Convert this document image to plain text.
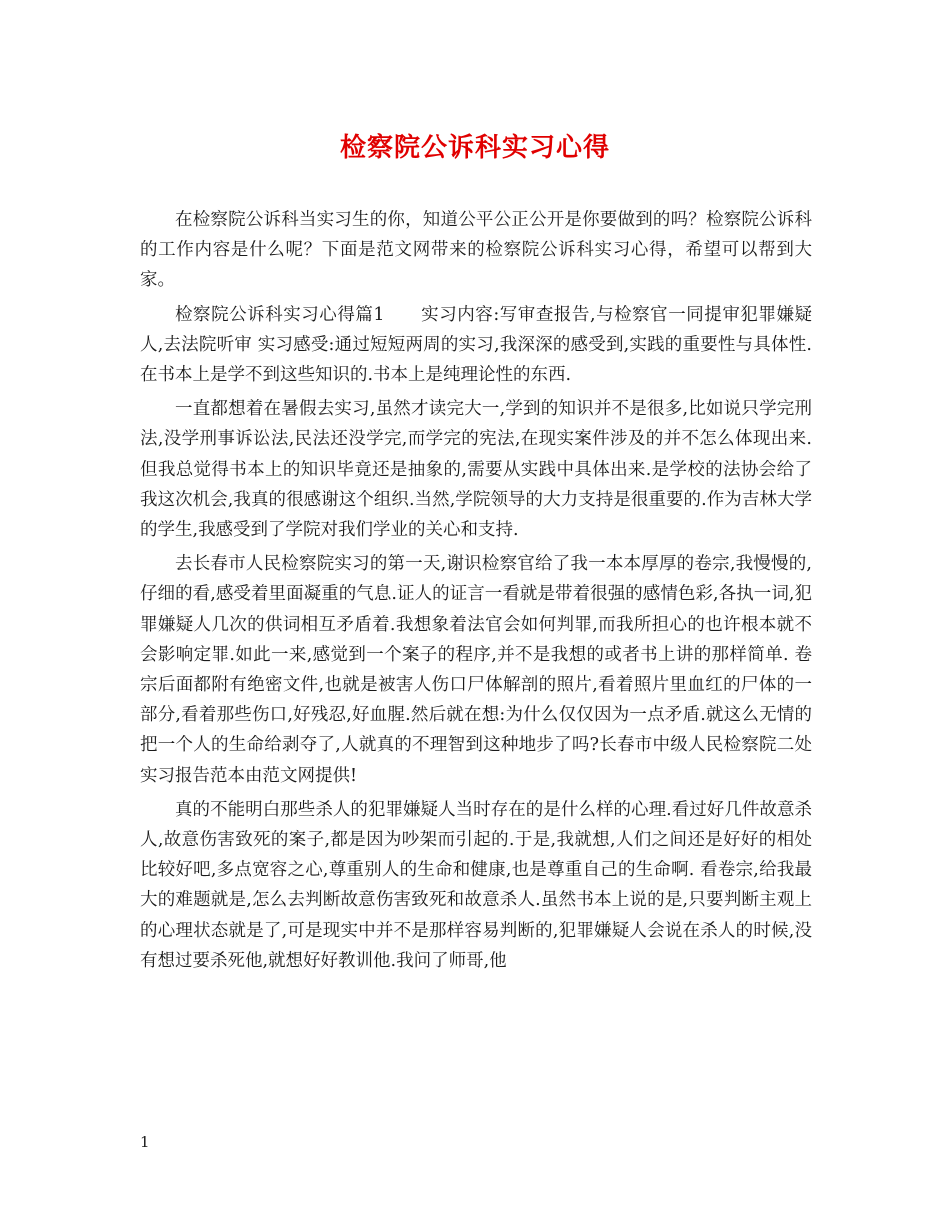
检察院公诉科实习心得

在检察院公诉科当实习生的你，知道公平公正公开是你要做到的吗？检察院公诉科的工作内容是什么呢？下面是范文网带来的检察院公诉科实习心得，希望可以帮到大家。

检察院公诉科实习心得篇1　　实习内容:写审查报告,与检察官一同提审犯罪嫌疑人,去法院听审 实习感受:通过短短两周的实习,我深深的感受到,实践的重要性与具体性.在书本上是学不到这些知识的.书本上是纯理论性的东西.

一直都想着在暑假去实习,虽然才读完大一,学到的知识并不是很多,比如说只学完刑法,没学刑事诉讼法,民法还没学完,而学完的宪法,在现实案件涉及的并不怎么体现出来.但我总觉得书本上的知识毕竟还是抽象的,需要从实践中具体出来.是学校的法协会给了我这次机会,我真的很感谢这个组织.当然,学院领导的大力支持是很重要的.作为吉林大学的学生,我感受到了学院对我们学业的关心和支持.

去长春市人民检察院实习的第一天,谢识检察官给了我一本本厚厚的卷宗,我慢慢的,仔细的看,感受着里面凝重的气息.证人的证言一看就是带着很强的感情色彩,各执一词,犯罪嫌疑人几次的供词相互矛盾着.我想象着法官会如何判罪,而我所担心的也许根本就不会影响定罪.如此一来,感觉到一个案子的程序,并不是我想的或者书上讲的那样简单. 卷宗后面都附有绝密文件,也就是被害人伤口尸体解剖的照片,看着照片里血红的尸体的一部分,看着那些伤口,好残忍,好血腥.然后就在想:为什么仅仅因为一点矛盾.就这么无情的把一个人的生命给剥夺了,人就真的不理智到这种地步了吗?长春市中级人民检察院二处实习报告范本由范文网提供!

真的不能明白那些杀人的犯罪嫌疑人当时存在的是什么样的心理.看过好几件故意杀人,故意伤害致死的案子,都是因为吵架而引起的.于是,我就想,人们之间还是好好的相处比较好吧,多点宽容之心,尊重别人的生命和健康,也是尊重自己的生命啊. 看卷宗,给我最大的难题就是,怎么去判断故意伤害致死和故意杀人.虽然书本上说的是,只要判断主观上的心理状态就是了,可是现实中并不是那样容易判断的,犯罪嫌疑人会说在杀人的时候,没有想过要杀死他,就想好好教训他.我问了师哥,他

1
